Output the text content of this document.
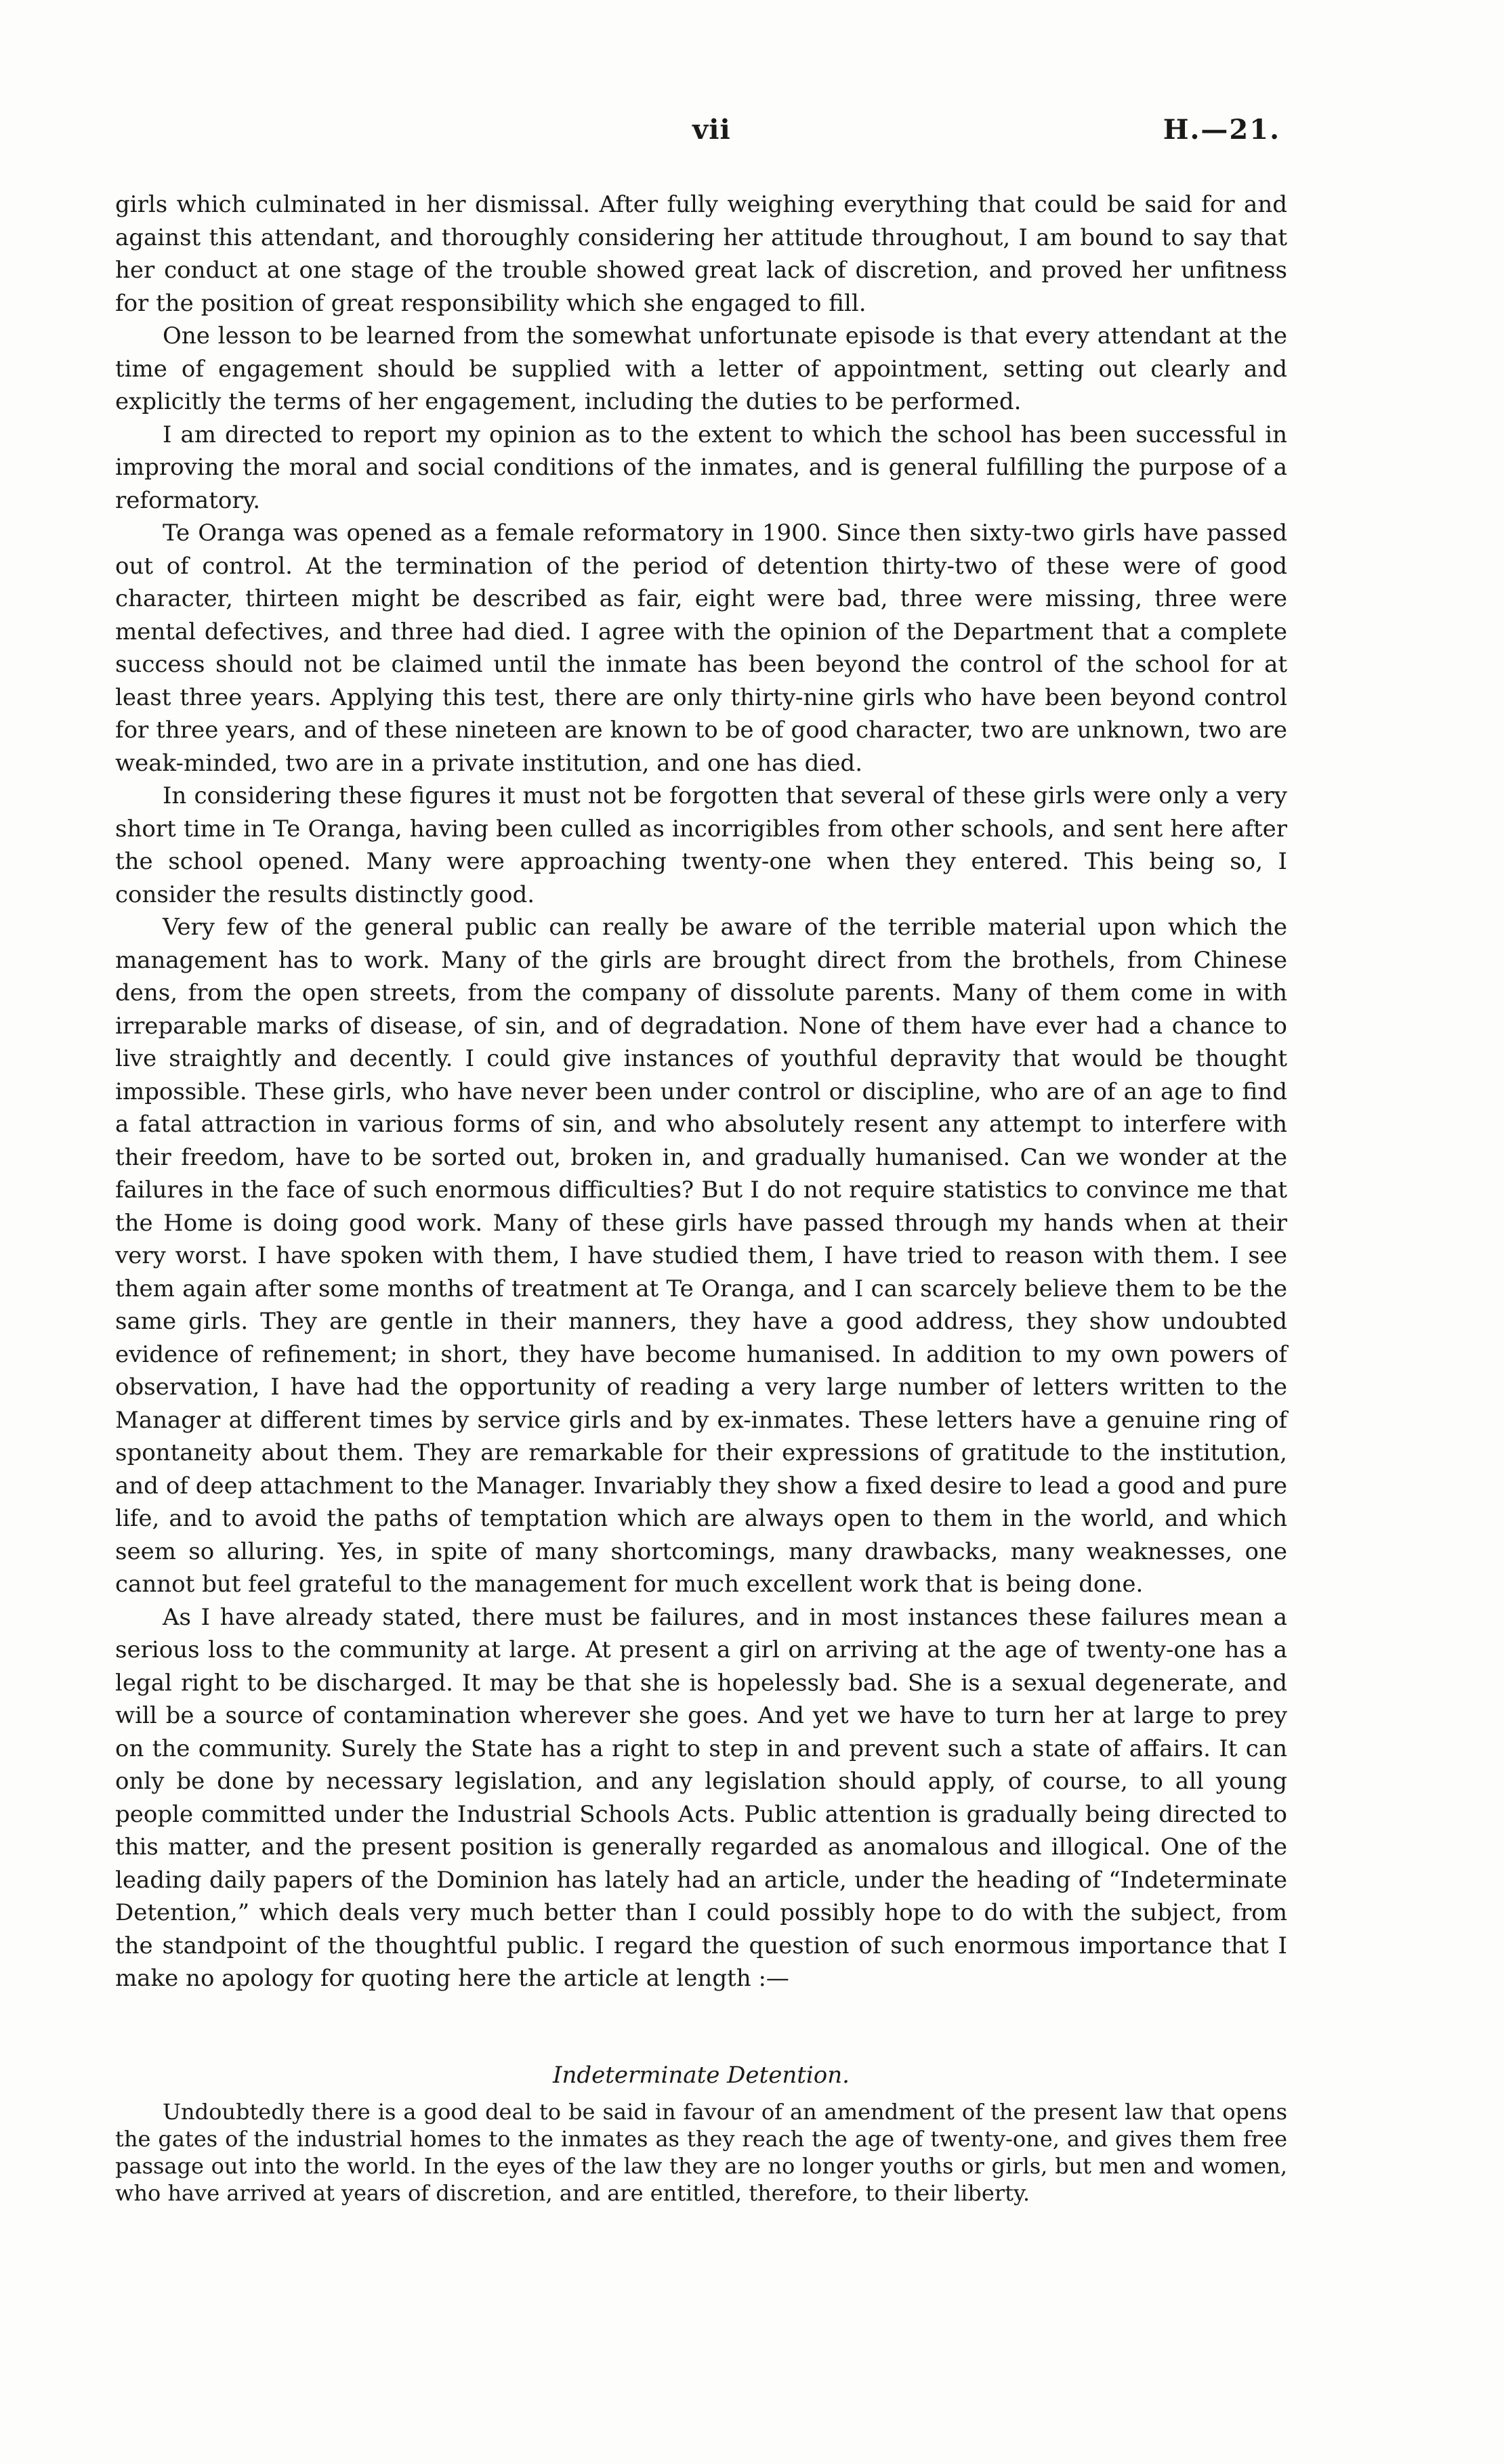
vii	H.—21.

girls which culminated in her dismissal. After fully weighing everything that could be said for and against this attendant, and thoroughly considering her attitude throughout, I am bound to say that her conduct at one stage of the trouble showed great lack of discretion, and proved her unfitness for the position of great responsibility which she engaged to fill.

One lesson to be learned from the somewhat unfortunate episode is that every attendant at the time of engagement should be supplied with a letter of appointment, setting out clearly and explicitly the terms of her engagement, including the duties to be performed.

I am directed to report my opinion as to the extent to which the school has been successful in improving the moral and social conditions of the inmates, and is general fulfilling the purpose of a reformatory.

Te Oranga was opened as a female reformatory in 1900. Since then sixty-two girls have passed out of control. At the termination of the period of detention thirty-two of these were of good character, thirteen might be described as fair, eight were bad, three were missing, three were mental defectives, and three had died. I agree with the opinion of the Department that a complete success should not be claimed until the inmate has been beyond the control of the school for at least three years. Applying this test, there are only thirty-nine girls who have been beyond control for three years, and of these nineteen are known to be of good character, two are unknown, two are weak-minded, two are in a private institution, and one has died.

In considering these figures it must not be forgotten that several of these girls were only a very short time in Te Oranga, having been culled as incorrigibles from other schools, and sent here after the school opened. Many were approaching twenty-one when they entered. This being so, I consider the results distinctly good.

Very few of the general public can really be aware of the terrible material upon which the management has to work. Many of the girls are brought direct from the brothels, from Chinese dens, from the open streets, from the company of dissolute parents. Many of them come in with irreparable marks of disease, of sin, and of degradation. None of them have ever had a chance to live straightly and decently. I could give instances of youthful depravity that would be thought impossible. These girls, who have never been under control or discipline, who are of an age to find a fatal attraction in various forms of sin, and who absolutely resent any attempt to interfere with their freedom, have to be sorted out, broken in, and gradually humanised. Can we wonder at the failures in the face of such enormous difficulties? But I do not require statistics to convince me that the Home is doing good work. Many of these girls have passed through my hands when at their very worst. I have spoken with them, I have studied them, I have tried to reason with them. I see them again after some months of treatment at Te Oranga, and I can scarcely believe them to be the same girls. They are gentle in their manners, they have a good address, they show undoubted evidence of refinement; in short, they have become humanised. In addition to my own powers of observation, I have had the opportunity of reading a very large number of letters written to the Manager at different times by service girls and by ex-inmates. These letters have a genuine ring of spontaneity about them. They are remarkable for their expressions of gratitude to the institution, and of deep attachment to the Manager. Invariably they show a fixed desire to lead a good and pure life, and to avoid the paths of temptation which are always open to them in the world, and which seem so alluring. Yes, in spite of many shortcomings, many drawbacks, many weaknesses, one cannot but feel grateful to the management for much excellent work that is being done.

As I have already stated, there must be failures, and in most instances these failures mean a serious loss to the community at large. At present a girl on arriving at the age of twenty-one has a legal right to be discharged. It may be that she is hopelessly bad. She is a sexual degenerate, and will be a source of contamination wherever she goes. And yet we have to turn her at large to prey on the community. Surely the State has a right to step in and prevent such a state of affairs. It can only be done by necessary legislation, and any legislation should apply, of course, to all young people committed under the Industrial Schools Acts. Public attention is gradually being directed to this matter, and the present position is generally regarded as anomalous and illogical. One of the leading daily papers of the Dominion has lately had an article, under the heading of “Indeterminate Detention,” which deals very much better than I could possibly hope to do with the subject, from the standpoint of the thoughtful public. I regard the question of such enormous importance that I make no apology for quoting here the article at length :—

Indeterminate Detention.

Undoubtedly there is a good deal to be said in favour of an amendment of the present law that opens the gates of the industrial homes to the inmates as they reach the age of twenty-one, and gives them free passage out into the world. In the eyes of the law they are no longer youths or girls, but men and women, who have arrived at years of discretion, and are entitled, therefore, to their liberty.
